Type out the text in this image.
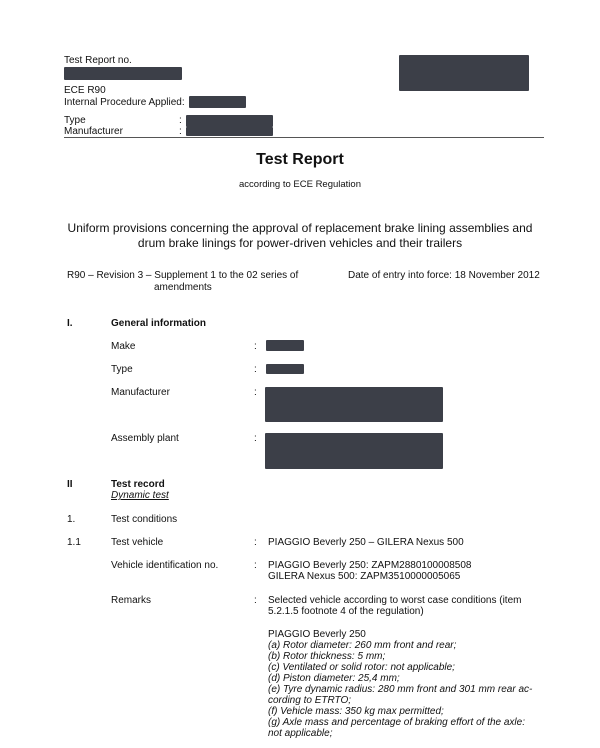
Test Report no.
ECE R90
Internal Procedure Applied:
Type	:
Manufacturer	:
Test Report
according to ECE Regulation
Uniform provisions concerning the approval of replacement brake lining assemblies and
drum brake linings for power-driven vehicles and their trailers
R90 – Revision 3 – Supplement 1 to the 02 series of
amendments
Date of entry into force: 18 November 2012
I.	General information
Make	:
Type	:
Manufacturer	:
Assembly plant	:
II	Test record
Dynamic test
1.	Test conditions
1.1	Test vehicle	: PIAGGIO Beverly 250 – GILERA Nexus 500
Vehicle identification no.	: PIAGGIO Beverly 250: ZAPM2880100008508
GILERA Nexus 500: ZAPM3510000005065
Remarks	: Selected vehicle according to worst case conditions (item
5.2.1.5 footnote 4 of the regulation)
PIAGGIO Beverly 250
(a) Rotor diameter: 260 mm front and rear;
(b) Rotor thickness: 5 mm;
(c) Ventilated or solid rotor: not applicable;
(d) Piston diameter: 25,4 mm;
(e) Tyre dynamic radius: 280 mm front and 301 mm rear ac-
cording to ETRTO;
(f) Vehicle mass: 350 kg max permitted;
(g) Axle mass and percentage of braking effort of the axle:
not applicable;
